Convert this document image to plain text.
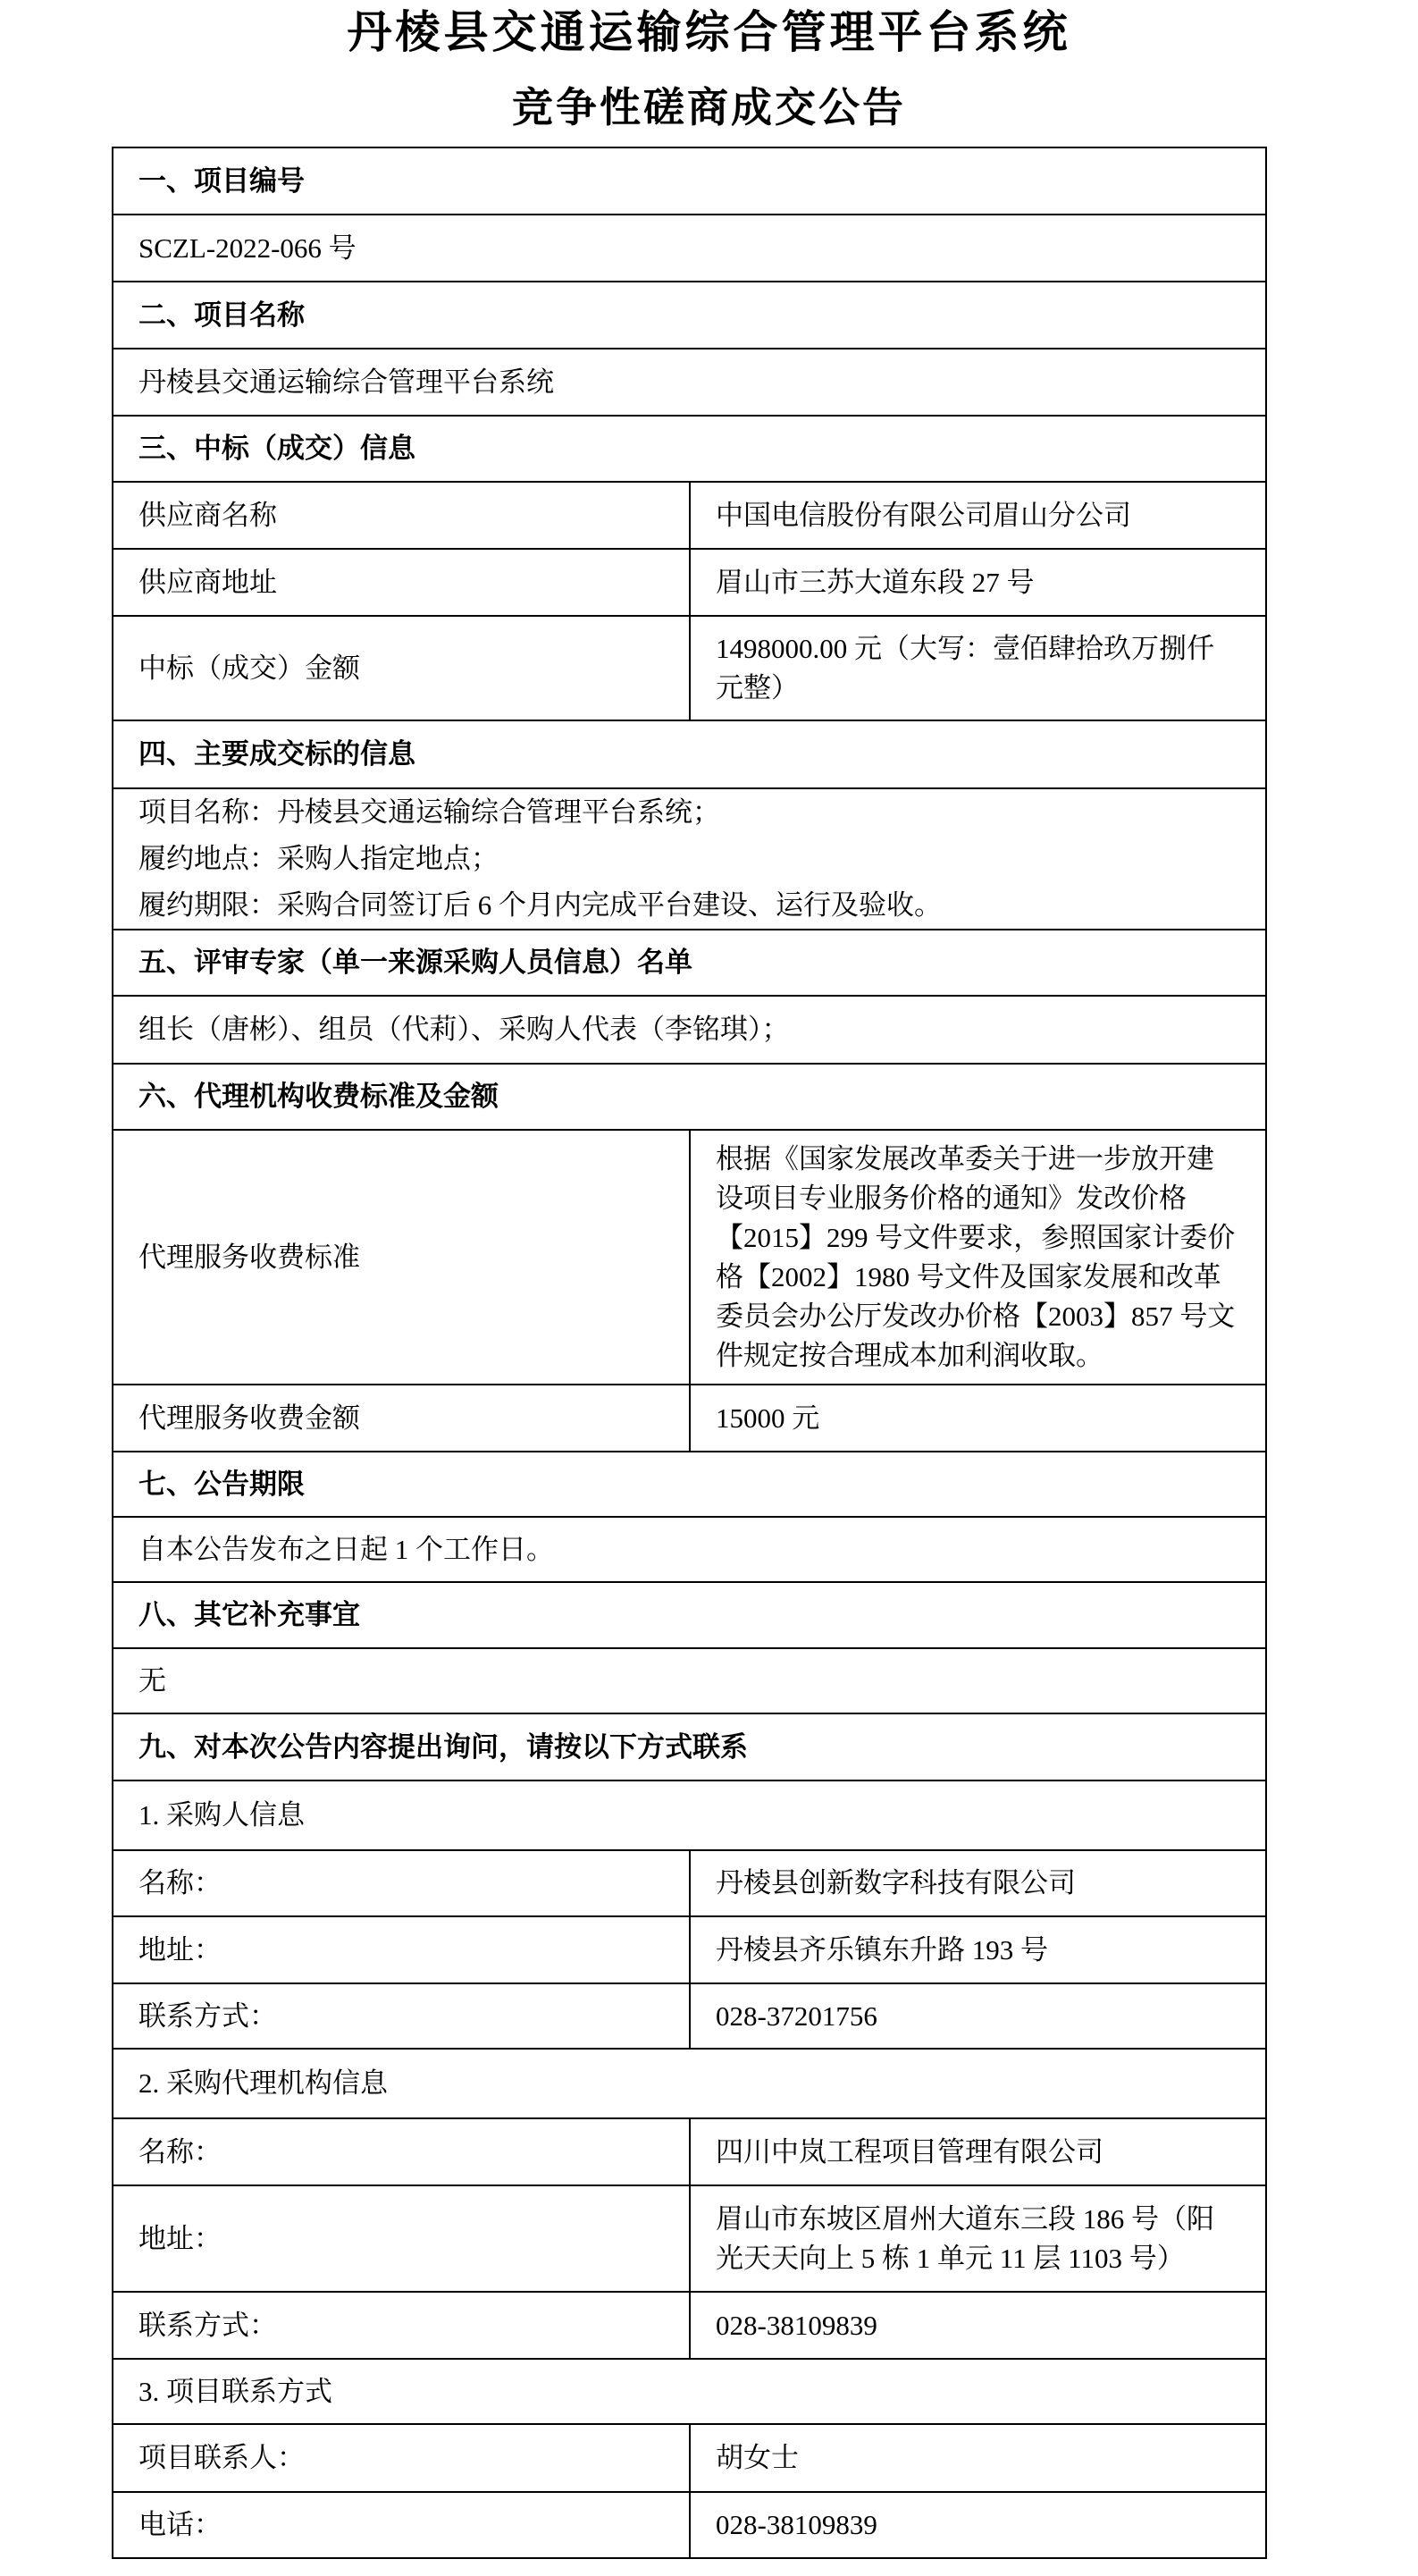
丹棱县交通运输综合管理平台系统
竞争性磋商成交公告
一、项目编号	
SCZL-2022-066 号	
二、项目名称	
丹棱县交通运输综合管理平台系统	
三、中标（成交）信息	
供应商名称	中国电信股份有限公司眉山分公司
供应商地址	眉山市三苏大道东段 27 号
中标（成交）金额	1498000.00 元（大写：壹佰肆拾玖万捌仟元整）
四、主要成交标的信息	

项目名称：丹棱县交通运输综合管理平台系统；
履约地点：采购人指定地点；
履约期限：采购合同签订后 6 个月内完成平台建设、运行及验收。	

五、评审专家（单一来源采购人员信息）名单	
组长（唐彬）、组员（代莉）、采购人代表（李铭琪）；	
六、代理机构收费标准及金额	
代理服务收费标准	根据《国家发展改革委关于进一步放开建设项目专业服务价格的通知》发改价格【2015】299 号文件要求，参照国家计委价格【2002】1980 号文件及国家发展和改革委员会办公厅发改办价格【2003】857 号文件规定按合理成本加利润收取。
代理服务收费金额	15000 元
七、公告期限	
自本公告发布之日起 1 个工作日。	
八、其它补充事宜	
无	
九、对本次公告内容提出询问，请按以下方式联系	
1. 采购人信息	
名称：	丹棱县创新数字科技有限公司
地址：	丹棱县齐乐镇东升路 193 号
联系方式：	028-37201756
2. 采购代理机构信息	
名称：	四川中岚工程项目管理有限公司
地址：	眉山市东坡区眉州大道东三段 186 号（阳光天天向上 5 栋 1 单元 11 层 1103 号）
联系方式：	028-38109839
3. 项目联系方式	
项目联系人：	胡女士
电话：	028-38109839
